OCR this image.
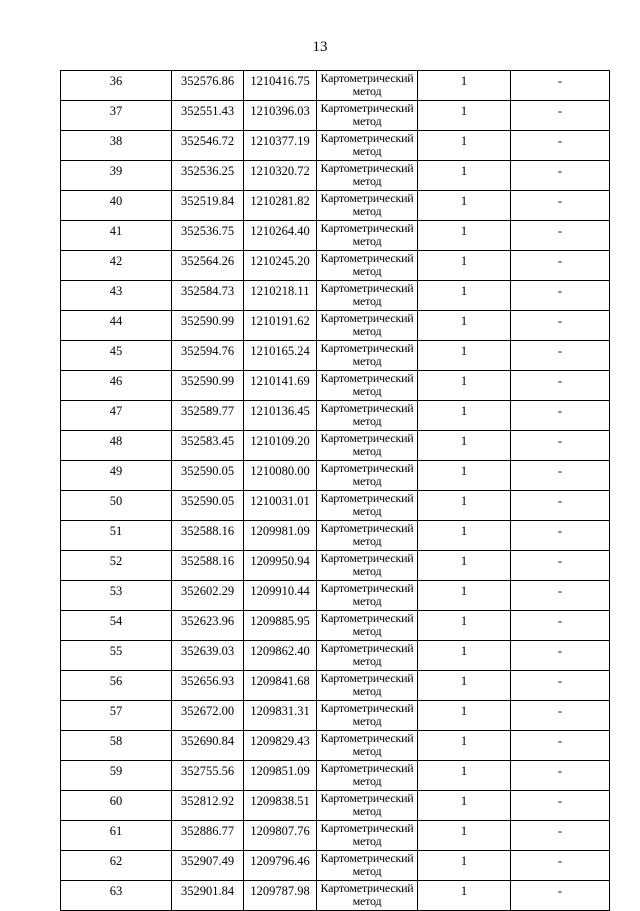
13
36	352576.86	1210416.75	Картометрический метод	1	-
37	352551.43	1210396.03	Картометрический метод	1	-
38	352546.72	1210377.19	Картометрический метод	1	-
39	352536.25	1210320.72	Картометрический метод	1	-
40	352519.84	1210281.82	Картометрический метод	1	-
41	352536.75	1210264.40	Картометрический метод	1	-
42	352564.26	1210245.20	Картометрический метод	1	-
43	352584.73	1210218.11	Картометрический метод	1	-
44	352590.99	1210191.62	Картометрический метод	1	-
45	352594.76	1210165.24	Картометрический метод	1	-
46	352590.99	1210141.69	Картометрический метод	1	-
47	352589.77	1210136.45	Картометрический метод	1	-
48	352583.45	1210109.20	Картометрический метод	1	-
49	352590.05	1210080.00	Картометрический метод	1	-
50	352590.05	1210031.01	Картометрический метод	1	-
51	352588.16	1209981.09	Картометрический метод	1	-
52	352588.16	1209950.94	Картометрический метод	1	-
53	352602.29	1209910.44	Картометрический метод	1	-
54	352623.96	1209885.95	Картометрический метод	1	-
55	352639.03	1209862.40	Картометрический метод	1	-
56	352656.93	1209841.68	Картометрический метод	1	-
57	352672.00	1209831.31	Картометрический метод	1	-
58	352690.84	1209829.43	Картометрический метод	1	-
59	352755.56	1209851.09	Картометрический метод	1	-
60	352812.92	1209838.51	Картометрический метод	1	-
61	352886.77	1209807.76	Картометрический метод	1	-
62	352907.49	1209796.46	Картометрический метод	1	-
63	352901.84	1209787.98	Картометрический метод	1	-
